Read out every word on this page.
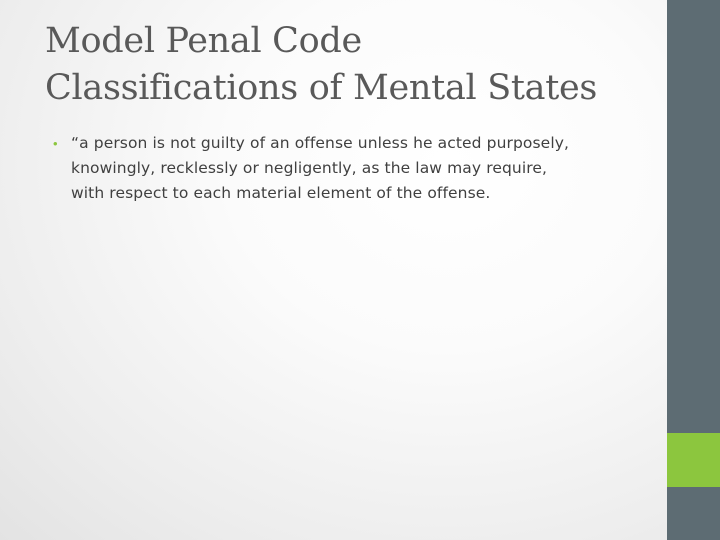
Model Penal Code
Classifications of Mental States
• “a person is not guilty of an offense unless he acted purposely,
knowingly, recklessly or negligently, as the law may require,
with respect to each material element of the offense.
